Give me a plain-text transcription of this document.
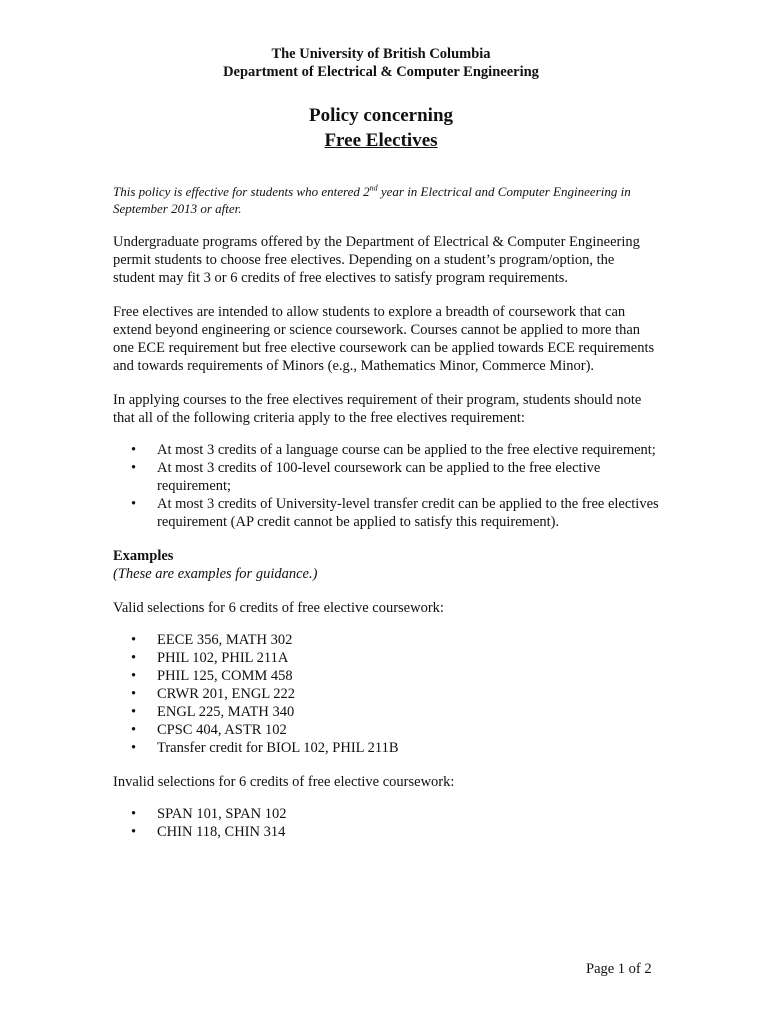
The University of British Columbia
Department of Electrical & Computer Engineering
Policy concerning
Free Electives
This policy is effective for students who entered 2nd year in Electrical and Computer Engineering in September 2013 or after.

Undergraduate programs offered by the Department of Electrical & Computer Engineering permit students to choose free electives. Depending on a student’s program/option, the student may fit 3 or 6 credits of free electives to satisfy program requirements.

Free electives are intended to allow students to explore a breadth of coursework that can extend beyond engineering or science coursework. Courses cannot be applied to more than one ECE requirement but free elective coursework can be applied towards ECE requirements and towards requirements of Minors (e.g., Mathematics Minor, Commerce Minor).

In applying courses to the free electives requirement of their program, students should note that all of the following criteria apply to the free electives requirement:

• At most 3 credits of a language course can be applied to the free elective requirement;
• At most 3 credits of 100-level coursework can be applied to the free elective requirement;
• At most 3 credits of University-level transfer credit can be applied to the free electives requirement (AP credit cannot be applied to satisfy this requirement).
Examples
(These are examples for guidance.)

Valid selections for 6 credits of free elective coursework:

• EECE 356, MATH 302
• PHIL 102, PHIL 211A
• PHIL 125, COMM 458
• CRWR 201, ENGL 222
• ENGL 225, MATH 340
• CPSC 404, ASTR 102
• Transfer credit for BIOL 102, PHIL 211B

Invalid selections for 6 credits of free elective coursework:

• SPAN 101, SPAN 102
• CHIN 118, CHIN 314
Page 1 of 2
